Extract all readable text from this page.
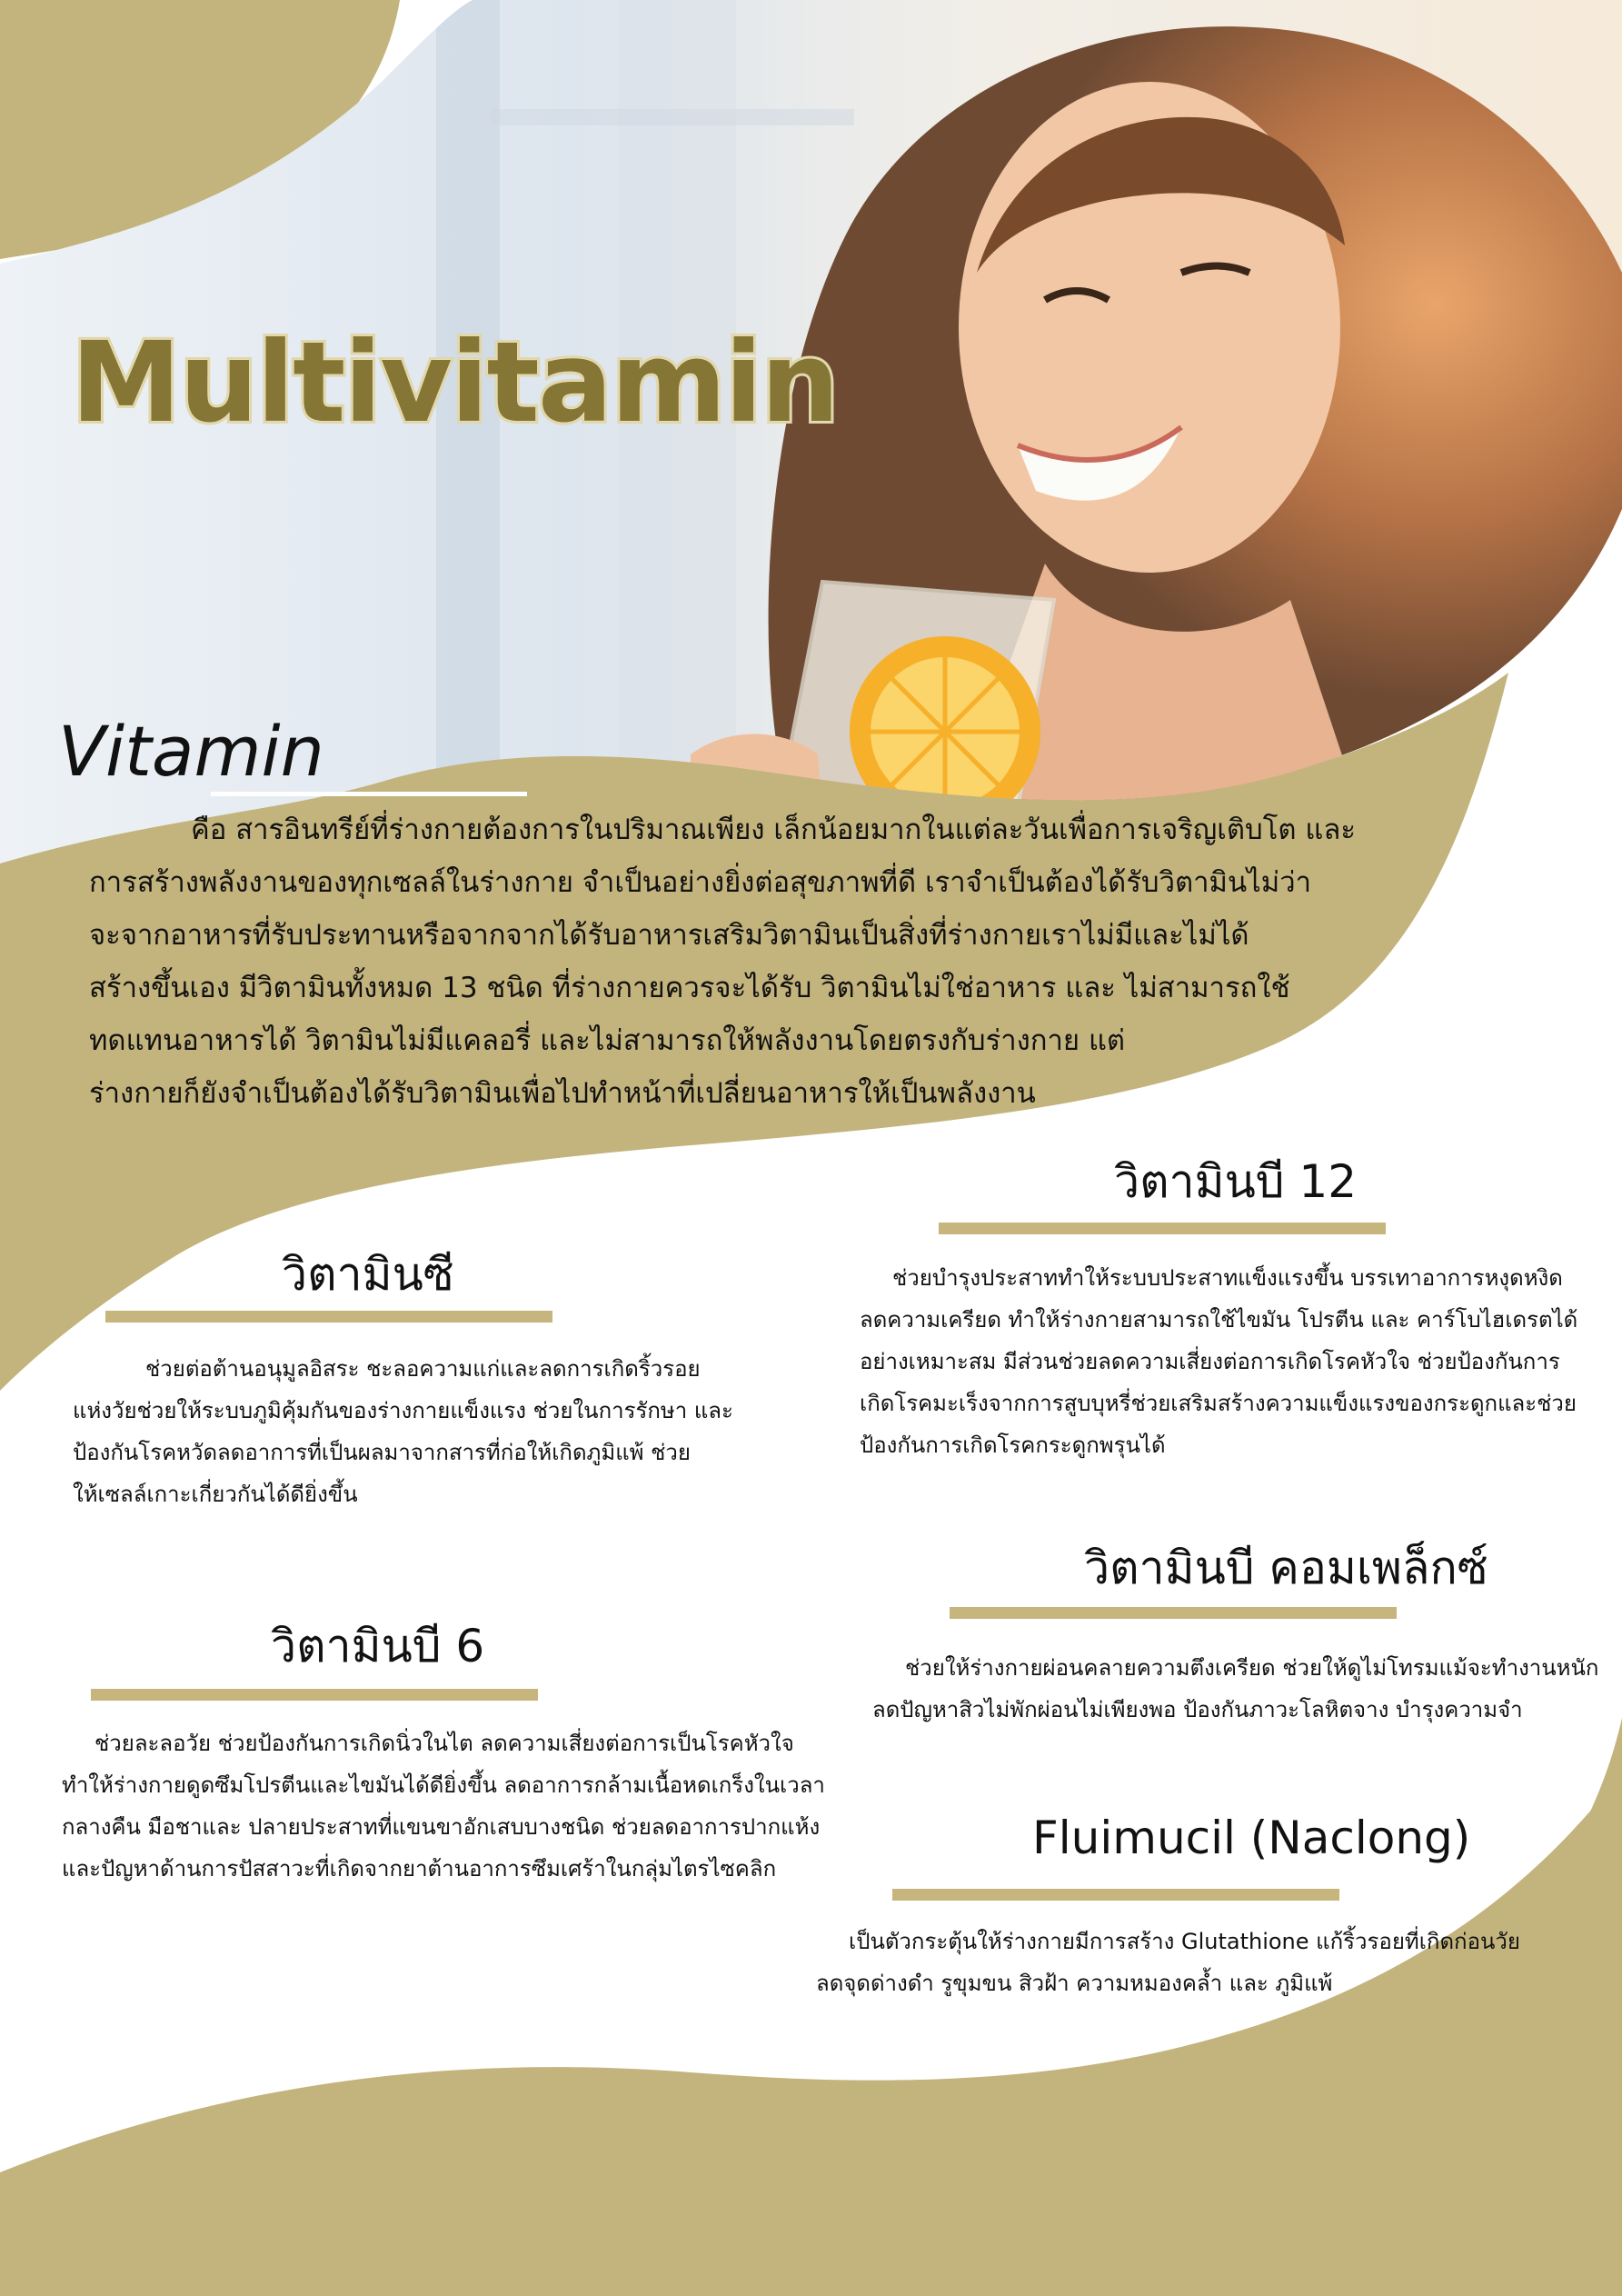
Multivitamin
Vitamin

คือ สารอินทรีย์ที่ร่างกายต้องการในปริมาณเพียง เล็กน้อยมากในแต่ละวันเพื่อการเจริญเติบโต และ

การสร้างพลังงานของทุกเซลล์ในร่างกาย จำเป็นอย่างยิ่งต่อสุขภาพที่ดี เราจำเป็นต้องได้รับวิตามินไม่ว่า

จะจากอาหารที่รับประทานหรือจากจากได้รับอาหารเสริมวิตามินเป็นสิ่งที่ร่างกายเราไม่มีและไม่ได้

สร้างขึ้นเอง มีวิตามินทั้งหมด 13 ชนิด ที่ร่างกายควรจะได้รับ วิตามินไม่ใช่อาหาร และ ไม่สามารถใช้

ทดแทนอาหารได้ วิตามินไม่มีแคลอรี่ และไม่สามารถให้พลังงานโดยตรงกับร่างกาย แต่

ร่างกายก็ยังจำเป็นต้องได้รับวิตามินเพื่อไปทำหน้าที่เปลี่ยนอาหารให้เป็นพลังงาน

วิตามินซี

ช่วยต่อต้านอนุมูลอิสระ ชะลอความแก่และลดการเกิดริ้วรอย

แห่งวัยช่วยให้ระบบภูมิคุ้มกันของร่างกายแข็งแรง ช่วยในการรักษา และ

ป้องกันโรคหวัดลดอาการที่เป็นผลมาจากสารที่ก่อให้เกิดภูมิแพ้ ช่วย

ให้เซลล์เกาะเกี่ยวกันได้ดียิ่งขึ้น

วิตามินบี 6

ช่วยละลอวัย ช่วยป้องกันการเกิดนิ่วในไต ลดความเสี่ยงต่อการเป็นโรคหัวใจ

ทำให้ร่างกายดูดซึมโปรตีนและไขมันได้ดียิ่งขึ้น ลดอาการกล้ามเนื้อหดเกร็งในเวลา

กลางคืน มือชาและ ปลายประสาทที่แขนขาอักเสบบางชนิด ช่วยลดอาการปากแห้ง

และปัญหาด้านการปัสสาวะที่เกิดจากยาต้านอาการซึมเศร้าในกลุ่มไตรไซคลิก

วิตามินบี 12

ช่วยบำรุงประสาททำให้ระบบประสาทแข็งแรงขึ้น บรรเทาอาการหงุดหงิด

ลดความเครียด ทำให้ร่างกายสามารถใช้ไขมัน โปรตีน และ คาร์โบไฮเดรตได้

อย่างเหมาะสม มีส่วนช่วยลดความเสี่ยงต่อการเกิดโรคหัวใจ ช่วยป้องกันการ

เกิดโรคมะเร็งจากการสูบบุหรี่ช่วยเสริมสร้างความแข็งแรงของกระดูกและช่วย

ป้องกันการเกิดโรคกระดูกพรุนได้

วิตามินบี คอมเพล็กซ์

ช่วยให้ร่างกายผ่อนคลายความตึงเครียด ช่วยให้ดูไม่โทรมแม้จะทำงานหนัก

ลดปัญหาสิวไม่พักผ่อนไม่เพียงพอ ป้องกันภาวะโลหิตจาง บำรุงความจำ

Fluimucil (Naclong)

เป็นตัวกระตุ้นให้ร่างกายมีการสร้าง Glutathione แก้ริ้วรอยที่เกิดก่อนวัย

ลดจุดด่างดำ รูขุมขน สิวฝ้า ความหมองคล้ำ และ ภูมิแพ้
